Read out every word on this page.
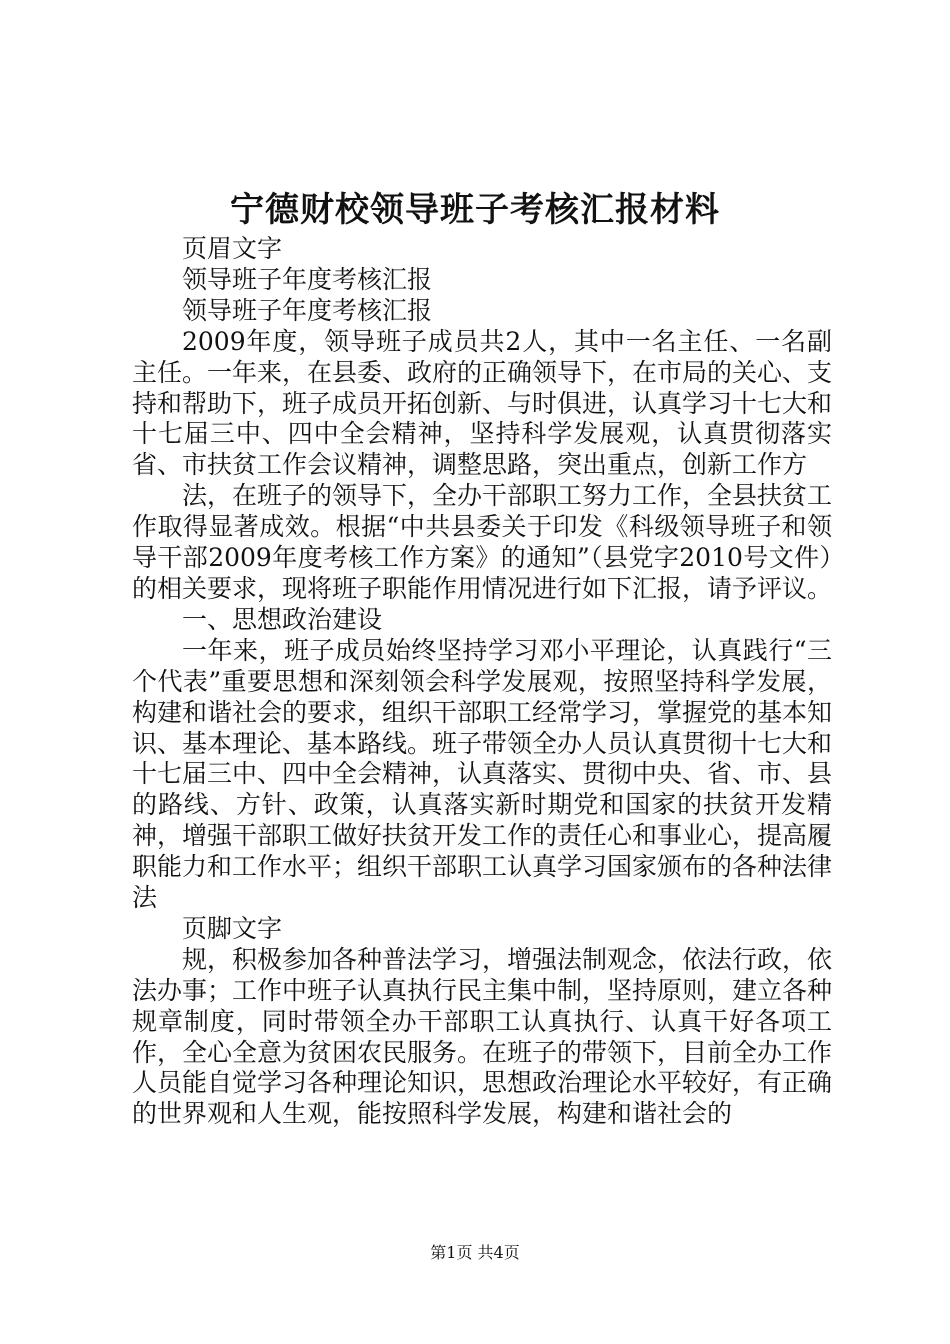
宁德财校领导班子考核汇报材料

页眉文字

领导班子年度考核汇报

领导班子年度考核汇报

2009年度，领导班子成员共2人，其中一名主任、一名副主任。一年来，在县委、政府的正确领导下，在市局的关心、支持和帮助下，班子成员开拓创新、与时俱进，认真学习十七大和十七届三中、四中全会精神，坚持科学发展观，认真贯彻落实省、市扶贫工作会议精神，调整思路，突出重点，创新工作方

法，在班子的领导下，全办干部职工努力工作，全县扶贫工作取得显著成效。根据“中共县委关于印发《科级领导班子和领导干部2009年度考核工作方案》的通知”（县党字2010号文件）的相关要求，现将班子职能作用情况进行如下汇报，请予评议。

一、思想政治建设

一年来，班子成员始终坚持学习邓小平理论，认真践行“三个代表”重要思想和深刻领会科学发展观，按照坚持科学发展，构建和谐社会的要求，组织干部职工经常学习，掌握党的基本知识、基本理论、基本路线。班子带领全办人员认真贯彻十七大和十七届三中、四中全会精神，认真落实、贯彻中央、省、市、县的路线、方针、政策，认真落实新时期党和国家的扶贫开发精神，增强干部职工做好扶贫开发工作的责任心和事业心，提高履职能力和工作水平；组织干部职工认真学习国家颁布的各种法律法

页脚文字

规，积极参加各种普法学习，增强法制观念，依法行政，依法办事；工作中班子认真执行民主集中制，坚持原则，建立各种规章制度，同时带领全办干部职工认真执行、认真干好各项工作，全心全意为贫困农民服务。在班子的带领下，目前全办工作人员能自觉学习各种理论知识，思想政治理论水平较好，有正确的世界观和人生观，能按照科学发展，构建和谐社会的

第1页 共4页
